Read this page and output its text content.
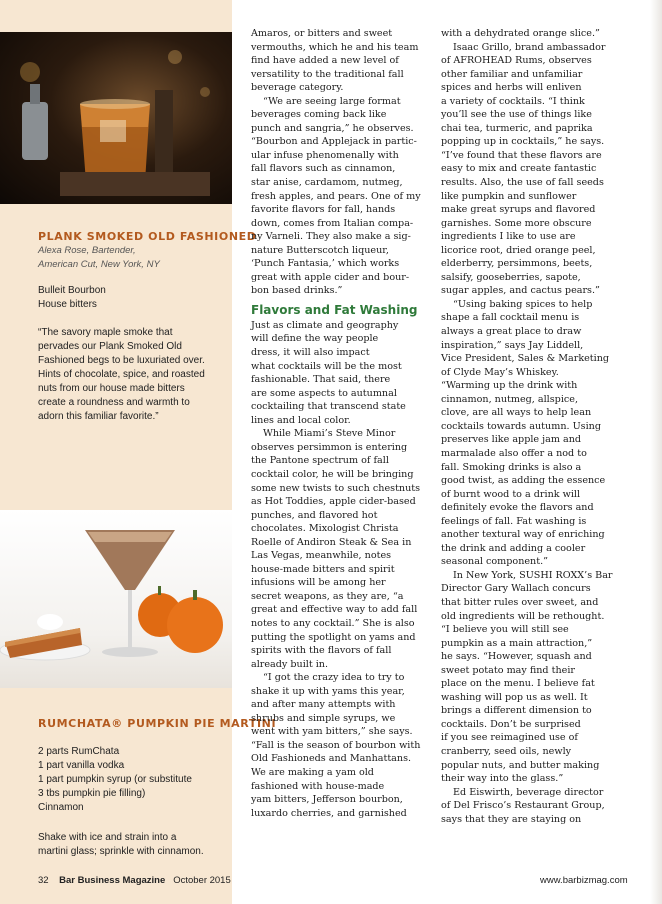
PLANK SMOKED OLD FASHIONED
Alexa Rose, Bartender,
American Cut, New York, NY
Bulleit Bourbon
House bitters
“The savory maple smoke that
pervades our Plank Smoked Old
Fashioned begs to be luxuriated over.
Hints of chocolate, spice, and roasted
nuts from our house made bitters
create a roundness and warmth to
adorn this familiar favorite.”
RUMCHATA® PUMPKIN PIE MARTINI
2 parts RumChata
1 part vanilla vodka
1 part pumpkin syrup (or substitute
3 tbs pumpkin pie filling)
Cinnamon
Shake with ice and strain into a
martini glass; sprinkle with cinnamon.
Amaros, or bitters and sweet
vermouths, which he and his team
find have added a new level of
versatility to the traditional fall
beverage category.
“We are seeing large format
beverages coming back like
punch and sangria,” he observes.
“Bourbon and Applejack in partic-
ular infuse phenomenally with
fall flavors such as cinnamon,
star anise, cardamom, nutmeg,
fresh apples, and pears. One of my
favorite flavors for fall, hands
down, comes from Italian compa-
ny Varneli. They also make a sig-
nature Butterscotch liqueur,
‘Punch Fantasia,’ which works
great with apple cider and bour-
bon based drinks.”
Flavors and Fat Washing
Just as climate and geography
will define the way people
dress, it will also impact
what cocktails will be the most
fashionable. That said, there
are some aspects to autumnal
cocktailing that transcend state
lines and local color.
While Miami’s Steve Minor
observes persimmon is entering
the Pantone spectrum of fall
cocktail color, he will be bringing
some new twists to such chestnuts
as Hot Toddies, apple cider-based
punches, and flavored hot
chocolates. Mixologist Christa
Roelle of Andiron Steak & Sea in
Las Vegas, meanwhile, notes
house-made bitters and spirit
infusions will be among her
secret weapons, as they are, “a
great and effective way to add fall
notes to any cocktail.” She is also
putting the spotlight on yams and
spirits with the flavors of fall
already built in.
“I got the crazy idea to try to
shake it up with yams this year,
and after many attempts with
shrubs and simple syrups, we
went with yam bitters,” she says.
“Fall is the season of bourbon with
Old Fashioneds and Manhattans.
We are making a yam old
fashioned with house-made
yam bitters, Jefferson bourbon,
luxardo cherries, and garnished
with a dehydrated orange slice.”
Isaac Grillo, brand ambassador
of AFROHEAD Rums, observes
other familiar and unfamiliar
spices and herbs will enliven
a variety of cocktails. “I think
you’ll see the use of things like
chai tea, turmeric, and paprika
popping up in cocktails,” he says.
“I’ve found that these flavors are
easy to mix and create fantastic
results. Also, the use of fall seeds
like pumpkin and sunflower
make great syrups and flavored
garnishes. Some more obscure
ingredients I like to use are
licorice root, dried orange peel,
elderberry, persimmons, beets,
salsify, gooseberries, sapote,
sugar apples, and cactus pears.”
“Using baking spices to help
shape a fall cocktail menu is
always a great place to draw
inspiration,” says Jay Liddell,
Vice President, Sales & Marketing
of Clyde May’s Whiskey.
“Warming up the drink with
cinnamon, nutmeg, allspice,
clove, are all ways to help lean
cocktails towards autumn. Using
preserves like apple jam and
marmalade also offer a nod to
fall. Smoking drinks is also a
good twist, as adding the essence
of burnt wood to a drink will
definitely evoke the flavors and
feelings of fall. Fat washing is
another textural way of enriching
the drink and adding a cooler
seasonal component.”
In New York, SUSHI ROXX’s Bar
Director Gary Wallach concurs
that bitter rules over sweet, and
old ingredients will be rethought.
“I believe you will still see
pumpkin as a main attraction,”
he says. “However, squash and
sweet potato may find their
place on the menu. I believe fat
washing will pop us as well. It
brings a different dimension to
cocktails. Don’t be surprised
if you see reimagined use of
cranberry, seed oils, newly
popular nuts, and butter making
their way into the glass.”
Ed Eiswirth, beverage director
of Del Frisco’s Restaurant Group,
says that they are staying on
32 Bar Business Magazine October 2015	www.barbizmag.com
